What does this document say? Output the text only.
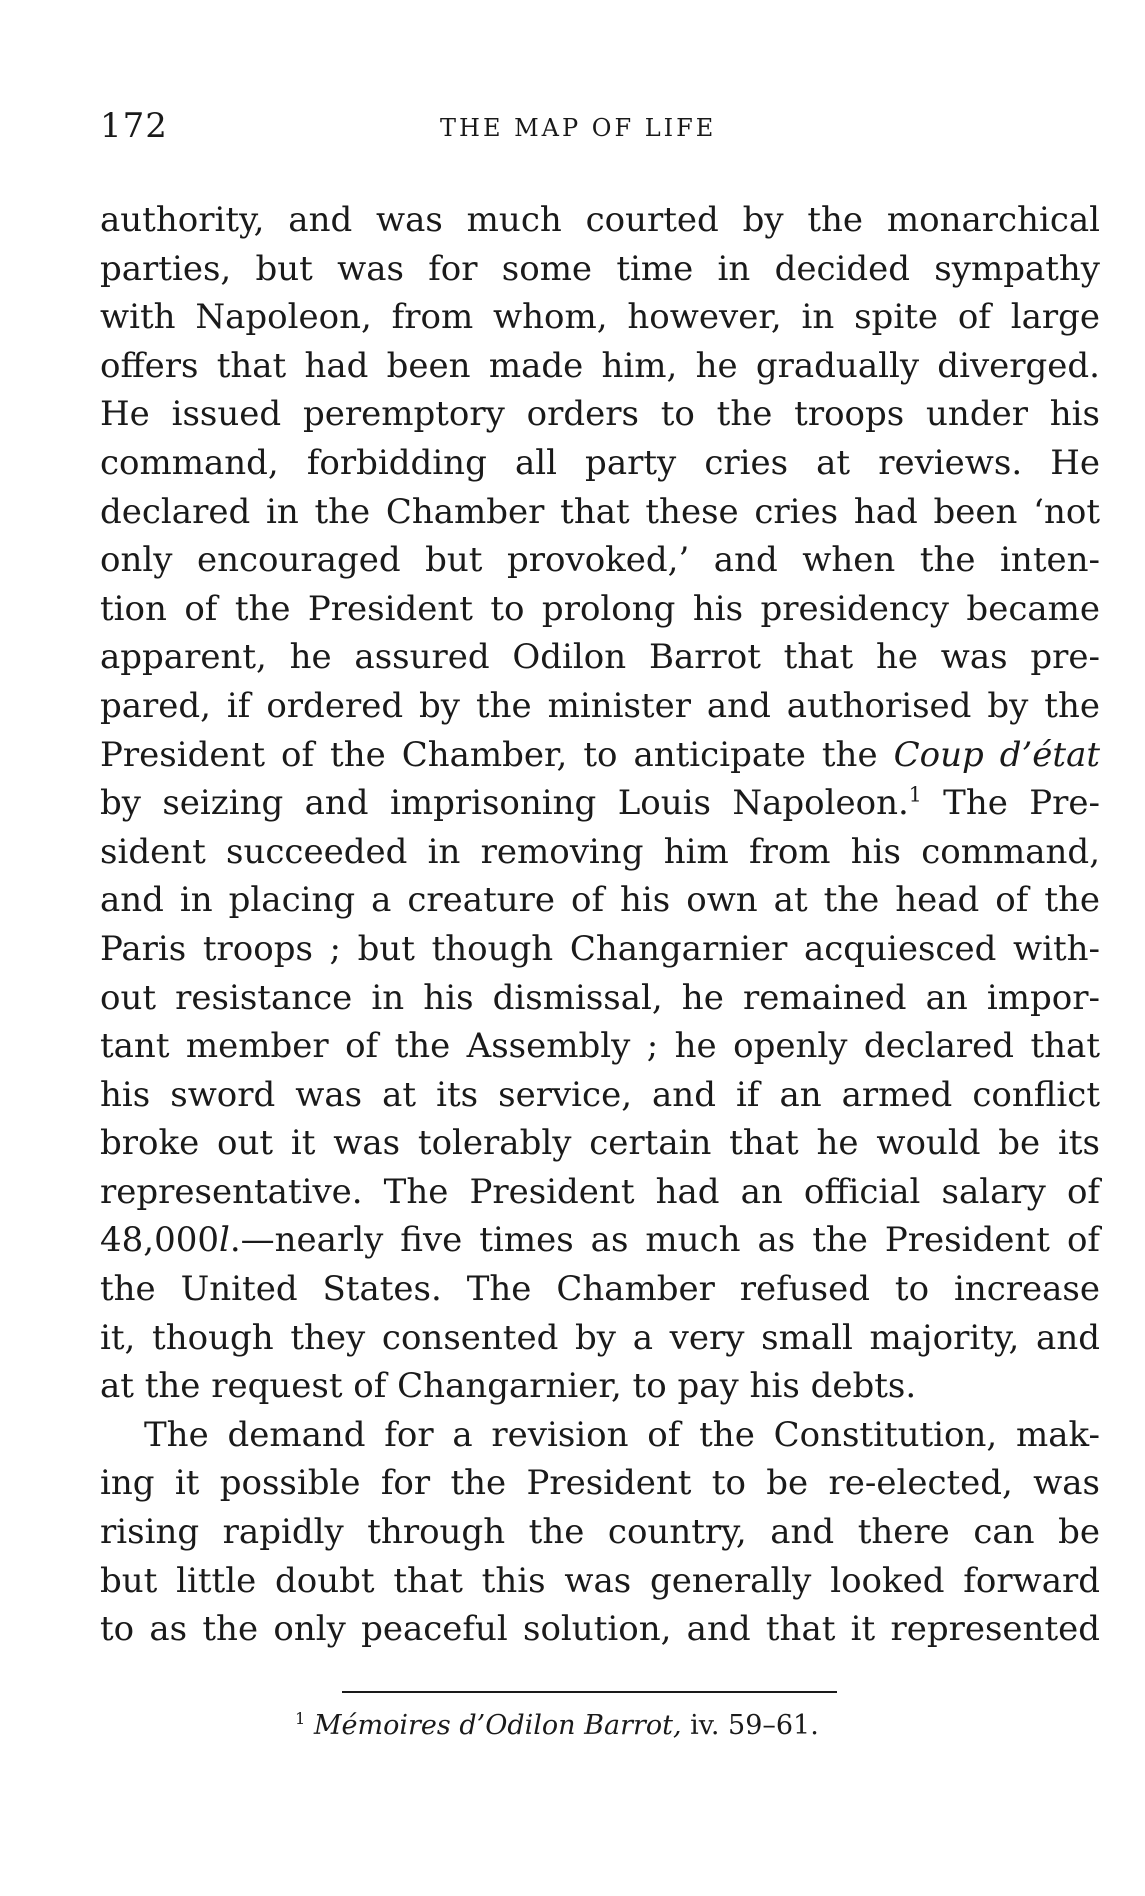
172	THE MAP OF LIFE
authority, and was much courted by the monarchical
parties, but was for some time in decided sympathy
with Napoleon, from whom, however, in spite of large
offers that had been made him, he gradually diverged.
He issued peremptory orders to the troops under his
command, forbidding all party cries at reviews. He
declared in the Chamber that these cries had been ‘not
only encouraged but provoked,’ and when the inten-
tion of the President to prolong his presidency became
apparent, he assured Odilon Barrot that he was pre-
pared, if ordered by the minister and authorised by the
President of the Chamber, to anticipate the Coup d’état
by seizing and imprisoning Louis Napoleon.$^1$ The Pre-
sident succeeded in removing him from his command,
and in placing a creature of his own at the head of the
Paris troops ; but though Changarnier acquiesced with-
out resistance in his dismissal, he remained an impor-
tant member of the Assembly ; he openly declared that
his sword was at its service, and if an armed conflict
broke out it was tolerably certain that he would be its
representative. The President had an official salary of
48,000l.—nearly five times as much as the President of
the United States. The Chamber refused to increase
it, though they consented by a very small majority, and
at the request of Changarnier, to pay his debts.
The demand for a revision of the Constitution, mak-
ing it possible for the President to be re-elected, was
rising rapidly through the country, and there can be
but little doubt that this was generally looked forward
to as the only peaceful solution, and that it represented
$^1$ Mémoires d’Odilon Barrot, iv. 59–61.
